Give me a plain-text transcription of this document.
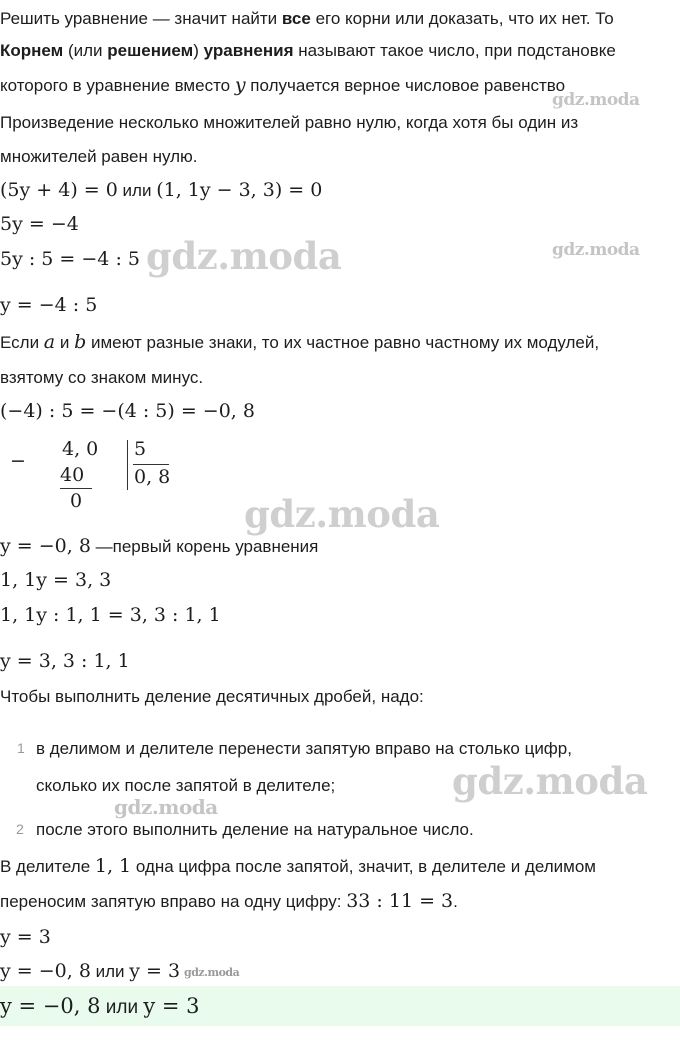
Решить уравнение — значит найти все его корни или доказать, что их нет. То
Корнем (или решением) уравнения называют такое число, при подстановке
которого в уравнение вместо y получается верное числовое равенство
Произведение несколько множителей равно нулю, когда хотя бы один из
множителей равен нулю.
(5y + 4) = 0 или (1, 1y − 3, 3) = 0
5y = −4
5y : 5 = −4 : 5
y = −4 : 5
Если a и b имеют разные знаки, то их частное равно частному их модулей,
взятому со знаком минус.
(−4) : 5 = −(4 : 5) = −0, 8
−
4, 0
40
0
5
0, 8
y = −0, 8 —первый корень уравнения
1, 1y = 3, 3
1, 1y : 1, 1 = 3, 3 : 1, 1
y = 3, 3 : 1, 1
Чтобы выполнить деление десятичных дробей, надо:
1 в делимом и делителе перенести запятую вправо на столько цифр,
сколько их после запятой в делителе;
2 после этого выполнить деление на натуральное число.
В делителе 1, 1 одна цифра после запятой, значит, в делителе и делимом
переносим запятую вправо на одну цифру: 33 : 11 = 3.
y = 3
y = −0, 8 или y = 3
y = −0, 8 или y = 3
gdz.moda
gdz.moda	gdz.moda
gdz.moda
gdz.moda
gdz.moda
gdz.moda
